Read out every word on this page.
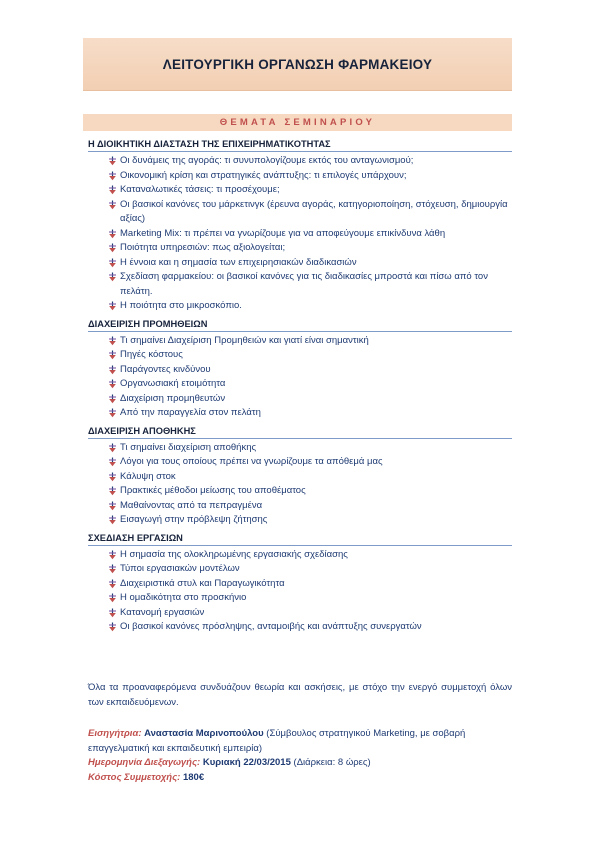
ΛΕΙΤΟΥΡΓΙΚΗ ΟΡΓΑΝΩΣΗ ΦΑΡΜΑΚΕΙΟΥ
ΘΕΜΑΤΑ ΣΕΜΙΝΑΡΙΟΥ
Η ΔΙΟΙΚΗΤΙΚΗ ΔΙΑΣΤΑΣΗ ΤΗΣ ΕΠΙΧΕΙΡΗΜΑΤΙΚΟΤΗΤΑΣ
Οι δυνάμεις της αγοράς: τι συνυπολογίζουμε εκτός του ανταγωνισμού;
Οικονομική κρίση και στρατηγικές ανάπτυξης: τι επιλογές υπάρχουν;
Καταναλωτικές τάσεις: τι προσέχουμε;
Οι βασικοί κανόνες του μάρκετινγκ (έρευνα αγοράς, κατηγοριοποίηση, στόχευση, δημιουργία αξίας)
Marketing Mix: τι πρέπει να γνωρίζουμε για να αποφεύγουμε επικίνδυνα λάθη
Ποιότητα υπηρεσιών: πως αξιολογείται;
Η έννοια και η σημασία των επιχειρησιακών διαδικασιών
Σχεδίαση φαρμακείου: οι βασικοί κανόνες για τις διαδικασίες μπροστά και πίσω από τον πελάτη.
Η ποιότητα στο μικροσκόπιο.
ΔΙΑΧΕΙΡΙΣΗ ΠΡΟΜΗΘΕΙΩΝ
Τι σημαίνει Διαχείριση Προμηθειών και γιατί είναι σημαντική
Πηγές κόστους
Παράγοντες κινδύνου
Οργανωσιακή ετοιμότητα
Διαχείριση προμηθευτών
Από την παραγγελία στον πελάτη
ΔΙΑΧΕΙΡΙΣΗ ΑΠΟΘΗΚΗΣ
Τι σημαίνει διαχείριση αποθήκης
Λόγοι για τους οποίους πρέπει να γνωρίζουμε τα απόθεμά μας
Κάλυψη στοκ
Πρακτικές μέθοδοι μείωσης του αποθέματος
Μαθαίνοντας από τα πεπραγμένα
Εισαγωγή στην πρόβλεψη ζήτησης
ΣΧΕΔΙΑΣΗ ΕΡΓΑΣΙΩΝ
Η σημασία της ολοκληρωμένης εργασιακής σχεδίασης
Τύποι εργασιακών μοντέλων
Διαχειριστικά στυλ και Παραγωγικότητα
Η ομαδικότητα στο προσκήνιο
Κατανομή εργασιών
Οι βασικοί κανόνες πρόσληψης, ανταμοιβής και ανάπτυξης συνεργατών
Όλα τα προαναφερόμενα συνδυάζουν θεωρία και ασκήσεις, με στόχο την ενεργό συμμετοχή όλων των εκπαιδευόμενων.
Εισηγήτρια: Αναστασία Μαρινοπούλου (Σύμβουλος στρατηγικού Marketing, με σοβαρή επαγγελματική και εκπαιδευτική εμπειρία)
Ημερομηνία Διεξαγωγής: Κυριακή 22/03/2015 (Διάρκεια: 8 ώρες)
Κόστος Συμμετοχής: 180€
